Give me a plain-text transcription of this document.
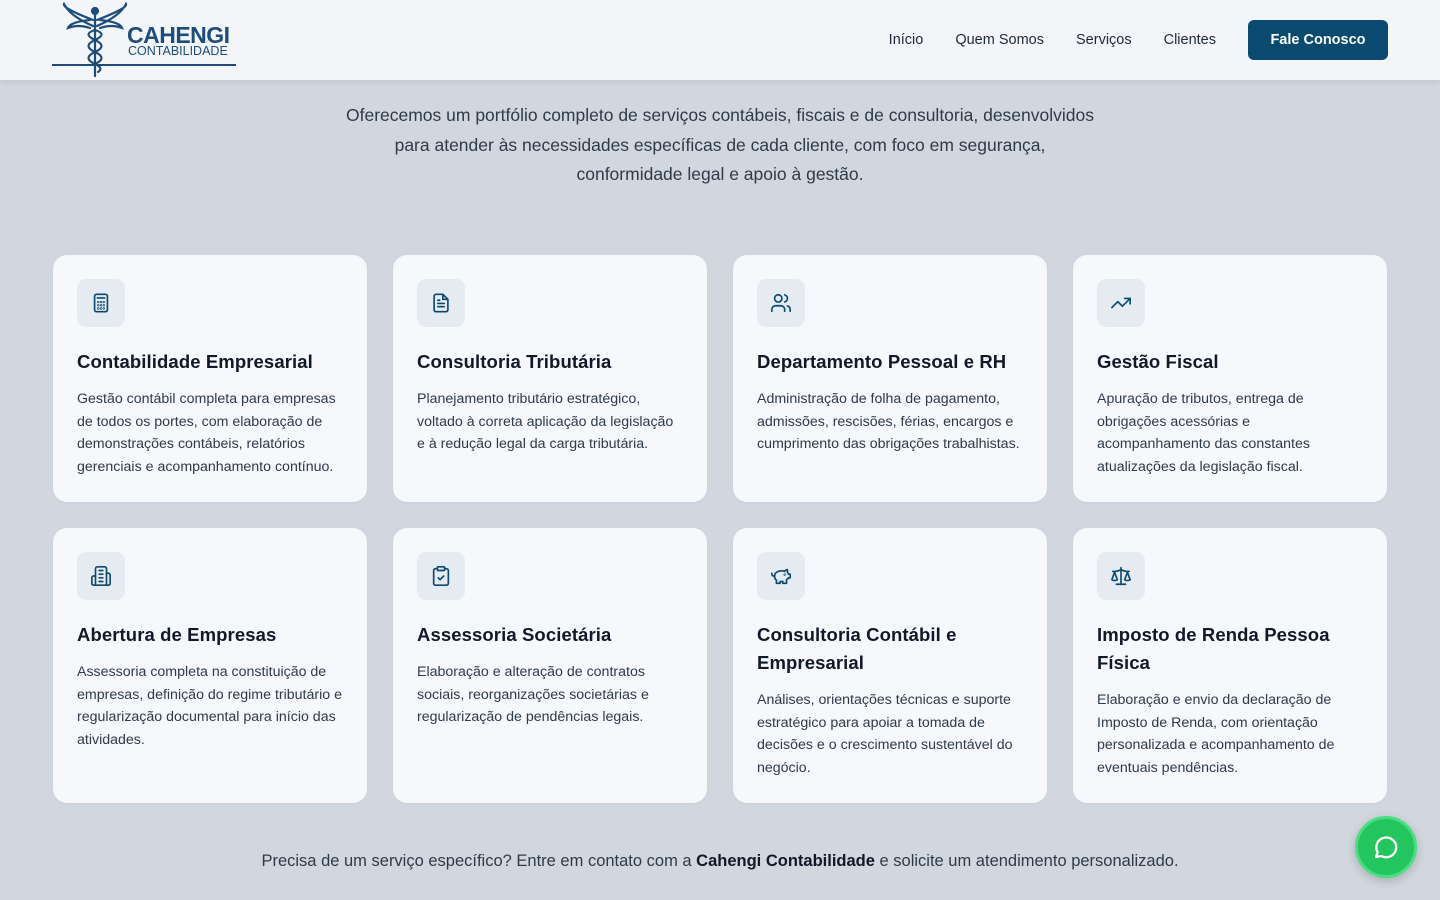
CAHENGI
CONTABILIDADE
Início Quem Somos Serviços Clientes	Fale Conosco

Oferecemos um portfólio completo de serviços contábeis, fiscais e de consultoria, desenvolvidos para atender às necessidades específicas de cada cliente, com foco em segurança, conformidade legal e apoio à gestão.

Contabilidade Empresarial

Gestão contábil completa para empresas de todos os portes, com elaboração de demonstrações contábeis, relatórios gerenciais e acompanhamento contínuo.

Consultoria Tributária

Planejamento tributário estratégico, voltado à correta aplicação da legislação e à redução legal da carga tributária.

Departamento Pessoal e RH

Administração de folha de pagamento, admissões, rescisões, férias, encargos e cumprimento das obrigações trabalhistas.

Gestão Fiscal

Apuração de tributos, entrega de obrigações acessórias e acompanhamento das constantes atualizações da legislação fiscal.

Abertura de Empresas

Assessoria completa na constituição de empresas, definição do regime tributário e regularização documental para início das atividades.

Assessoria Societária

Elaboração e alteração de contratos sociais, reorganizações societárias e regularização de pendências legais.

Consultoria Contábil e Empresarial

Análises, orientações técnicas e suporte estratégico para apoiar a tomada de decisões e o crescimento sustentável do negócio.

Imposto de Renda Pessoa Física

Elaboração e envio da declaração de Imposto de Renda, com orientação personalizada e acompanhamento de eventuais pendências.

Precisa de um serviço específico? Entre em contato com a Cahengi Contabilidade e solicite um atendimento personalizado.
